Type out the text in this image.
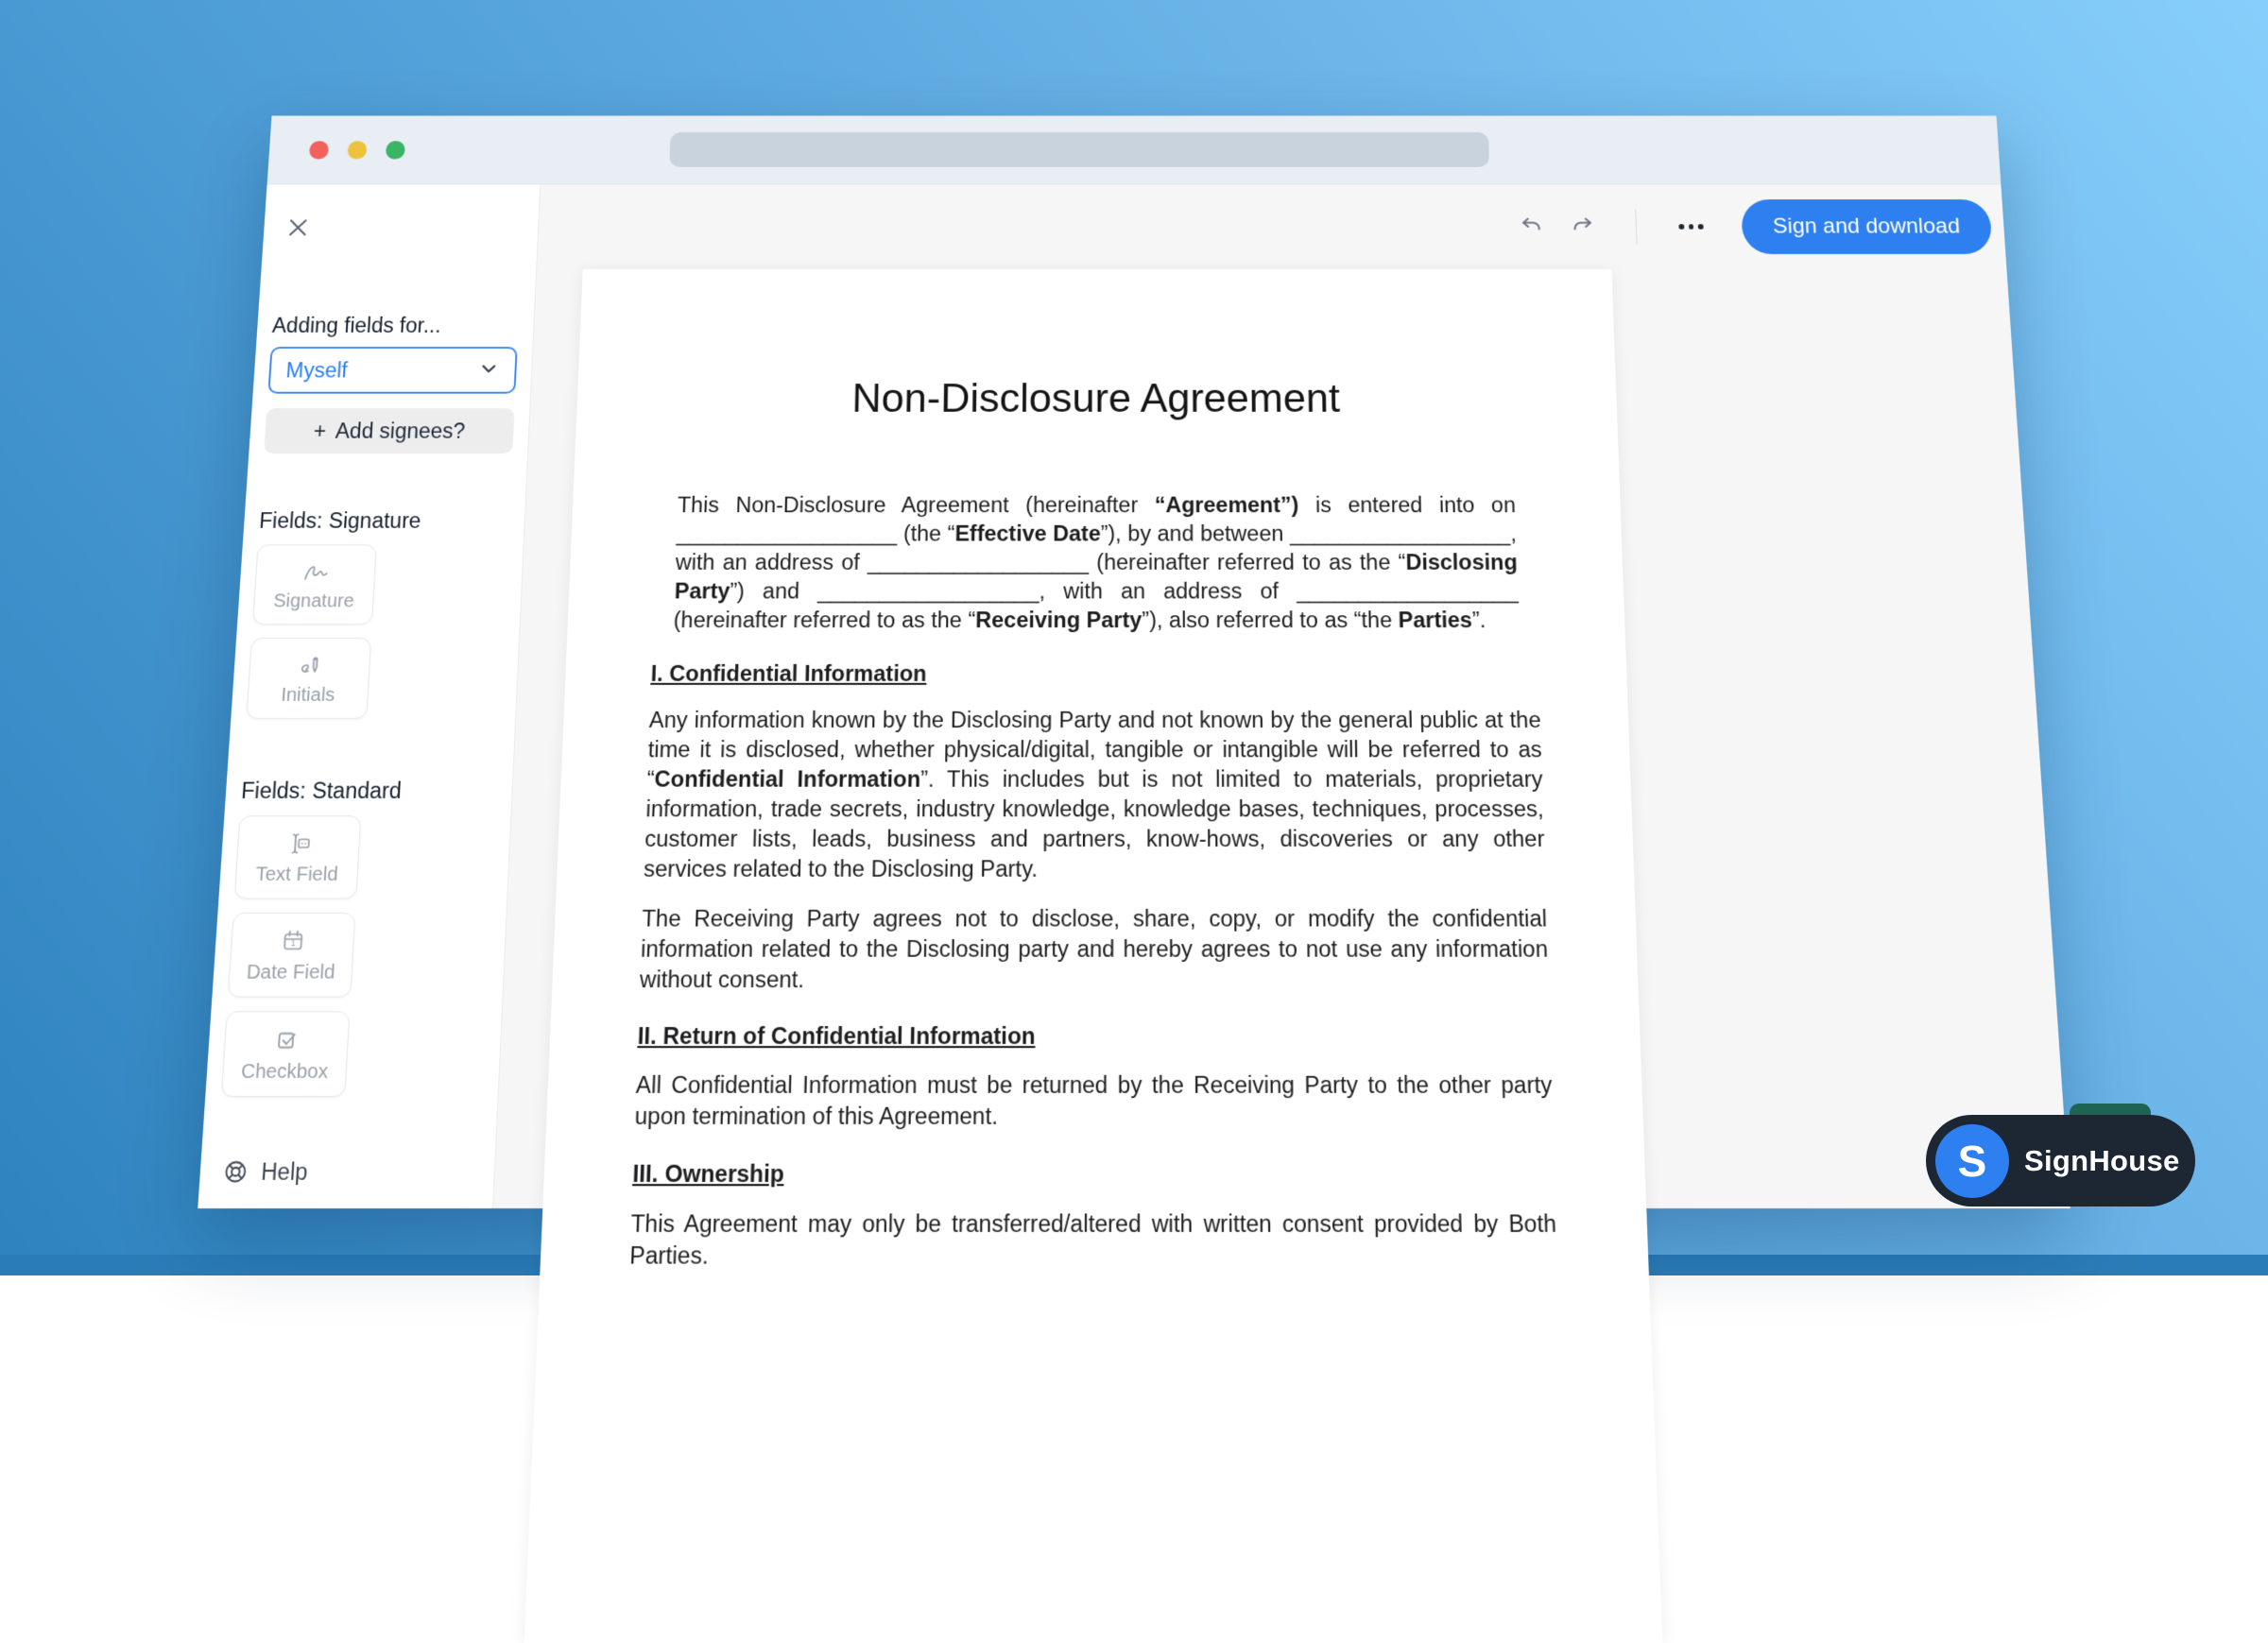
Adding fields for...
Myself
+ Add signees?
Fields: Signature
Signature
Initials
Fields: Standard
Text Field
1
Date Field
Checkbox
Help
Sign and download
Non-Disclosure Agreement
This Non-Disclosure Agreement (hereinafter “Agreement”) is entered into on __________________ (the “Effective Date”), by and between __________________, with an address of __________________ (hereinafter referred to as the “Disclosing Party”) and __________________, with an address of __________________ (hereinafter referred to as the “Receiving Party”), also referred to as “the Parties”.
I. Confidential Information
Any information known by the Disclosing Party and not known by the general public at the time it is disclosed, whether physical/digital, tangible or intangible will be referred to as “Confidential Information”. This includes but is not limited to materials, proprietary information, trade secrets, industry knowledge, knowledge bases, techniques, processes, customer lists, leads, business and partners, know-hows, discoveries or any other services related to the Disclosing Party.
The Receiving Party agrees not to disclose, share, copy, or modify the confidential information related to the Disclosing party and hereby agrees to not use any information without consent.
II. Return of Confidential Information
All Confidential Information must be returned by the Receiving Party to the other party upon termination of this Agreement.
III. Ownership
This Agreement may only be transferred/altered with written consent provided by Both Parties.
S	SignHouse
